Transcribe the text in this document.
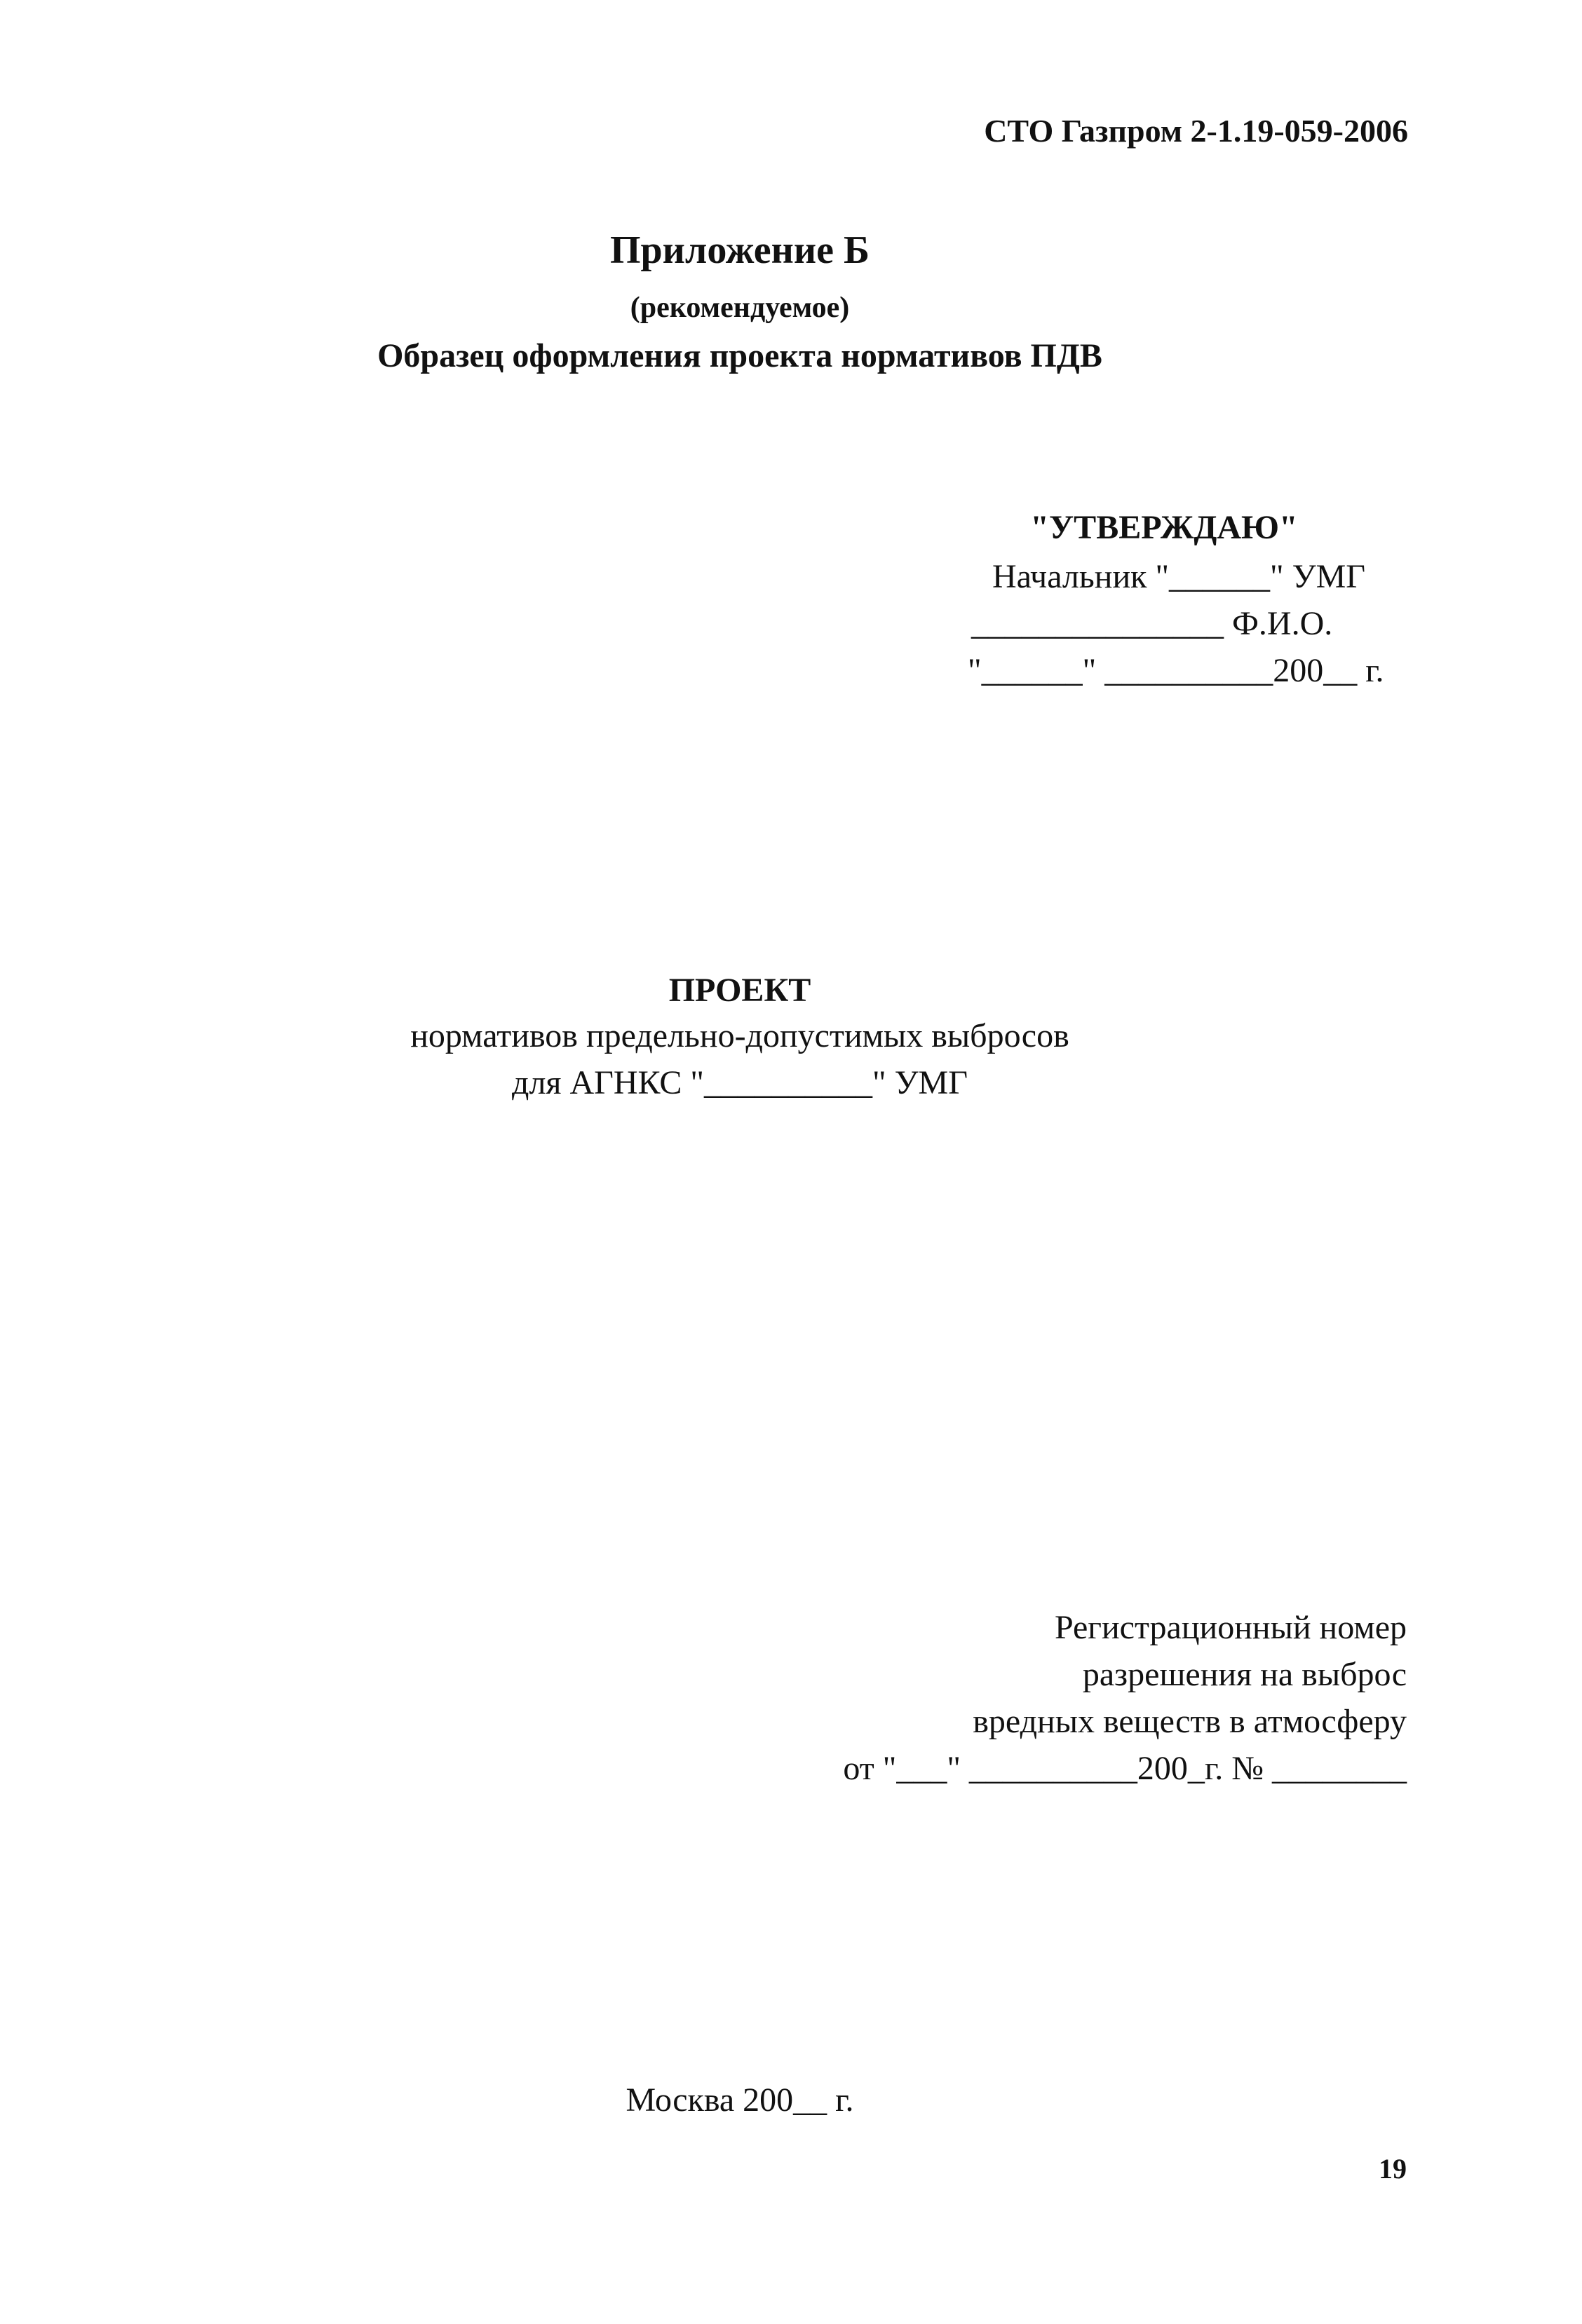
СТО Газпром 2-1.19-059-2006
Приложение Б
(рекомендуемое)
Образец оформления проекта нормативов ПДВ
"УТВЕРЖДАЮ"
Начальник "______" УМГ
_______________ Ф.И.О.
"______" __________200__ г.
ПРОЕКТ
нормативов предельно-допустимых выбросов
для АГНКС "__________" УМГ
Регистрационный номер
разрешения на выброс
вредных веществ в атмосферу
от "___" __________200_г. № ________
Москва 200__ г.
19
